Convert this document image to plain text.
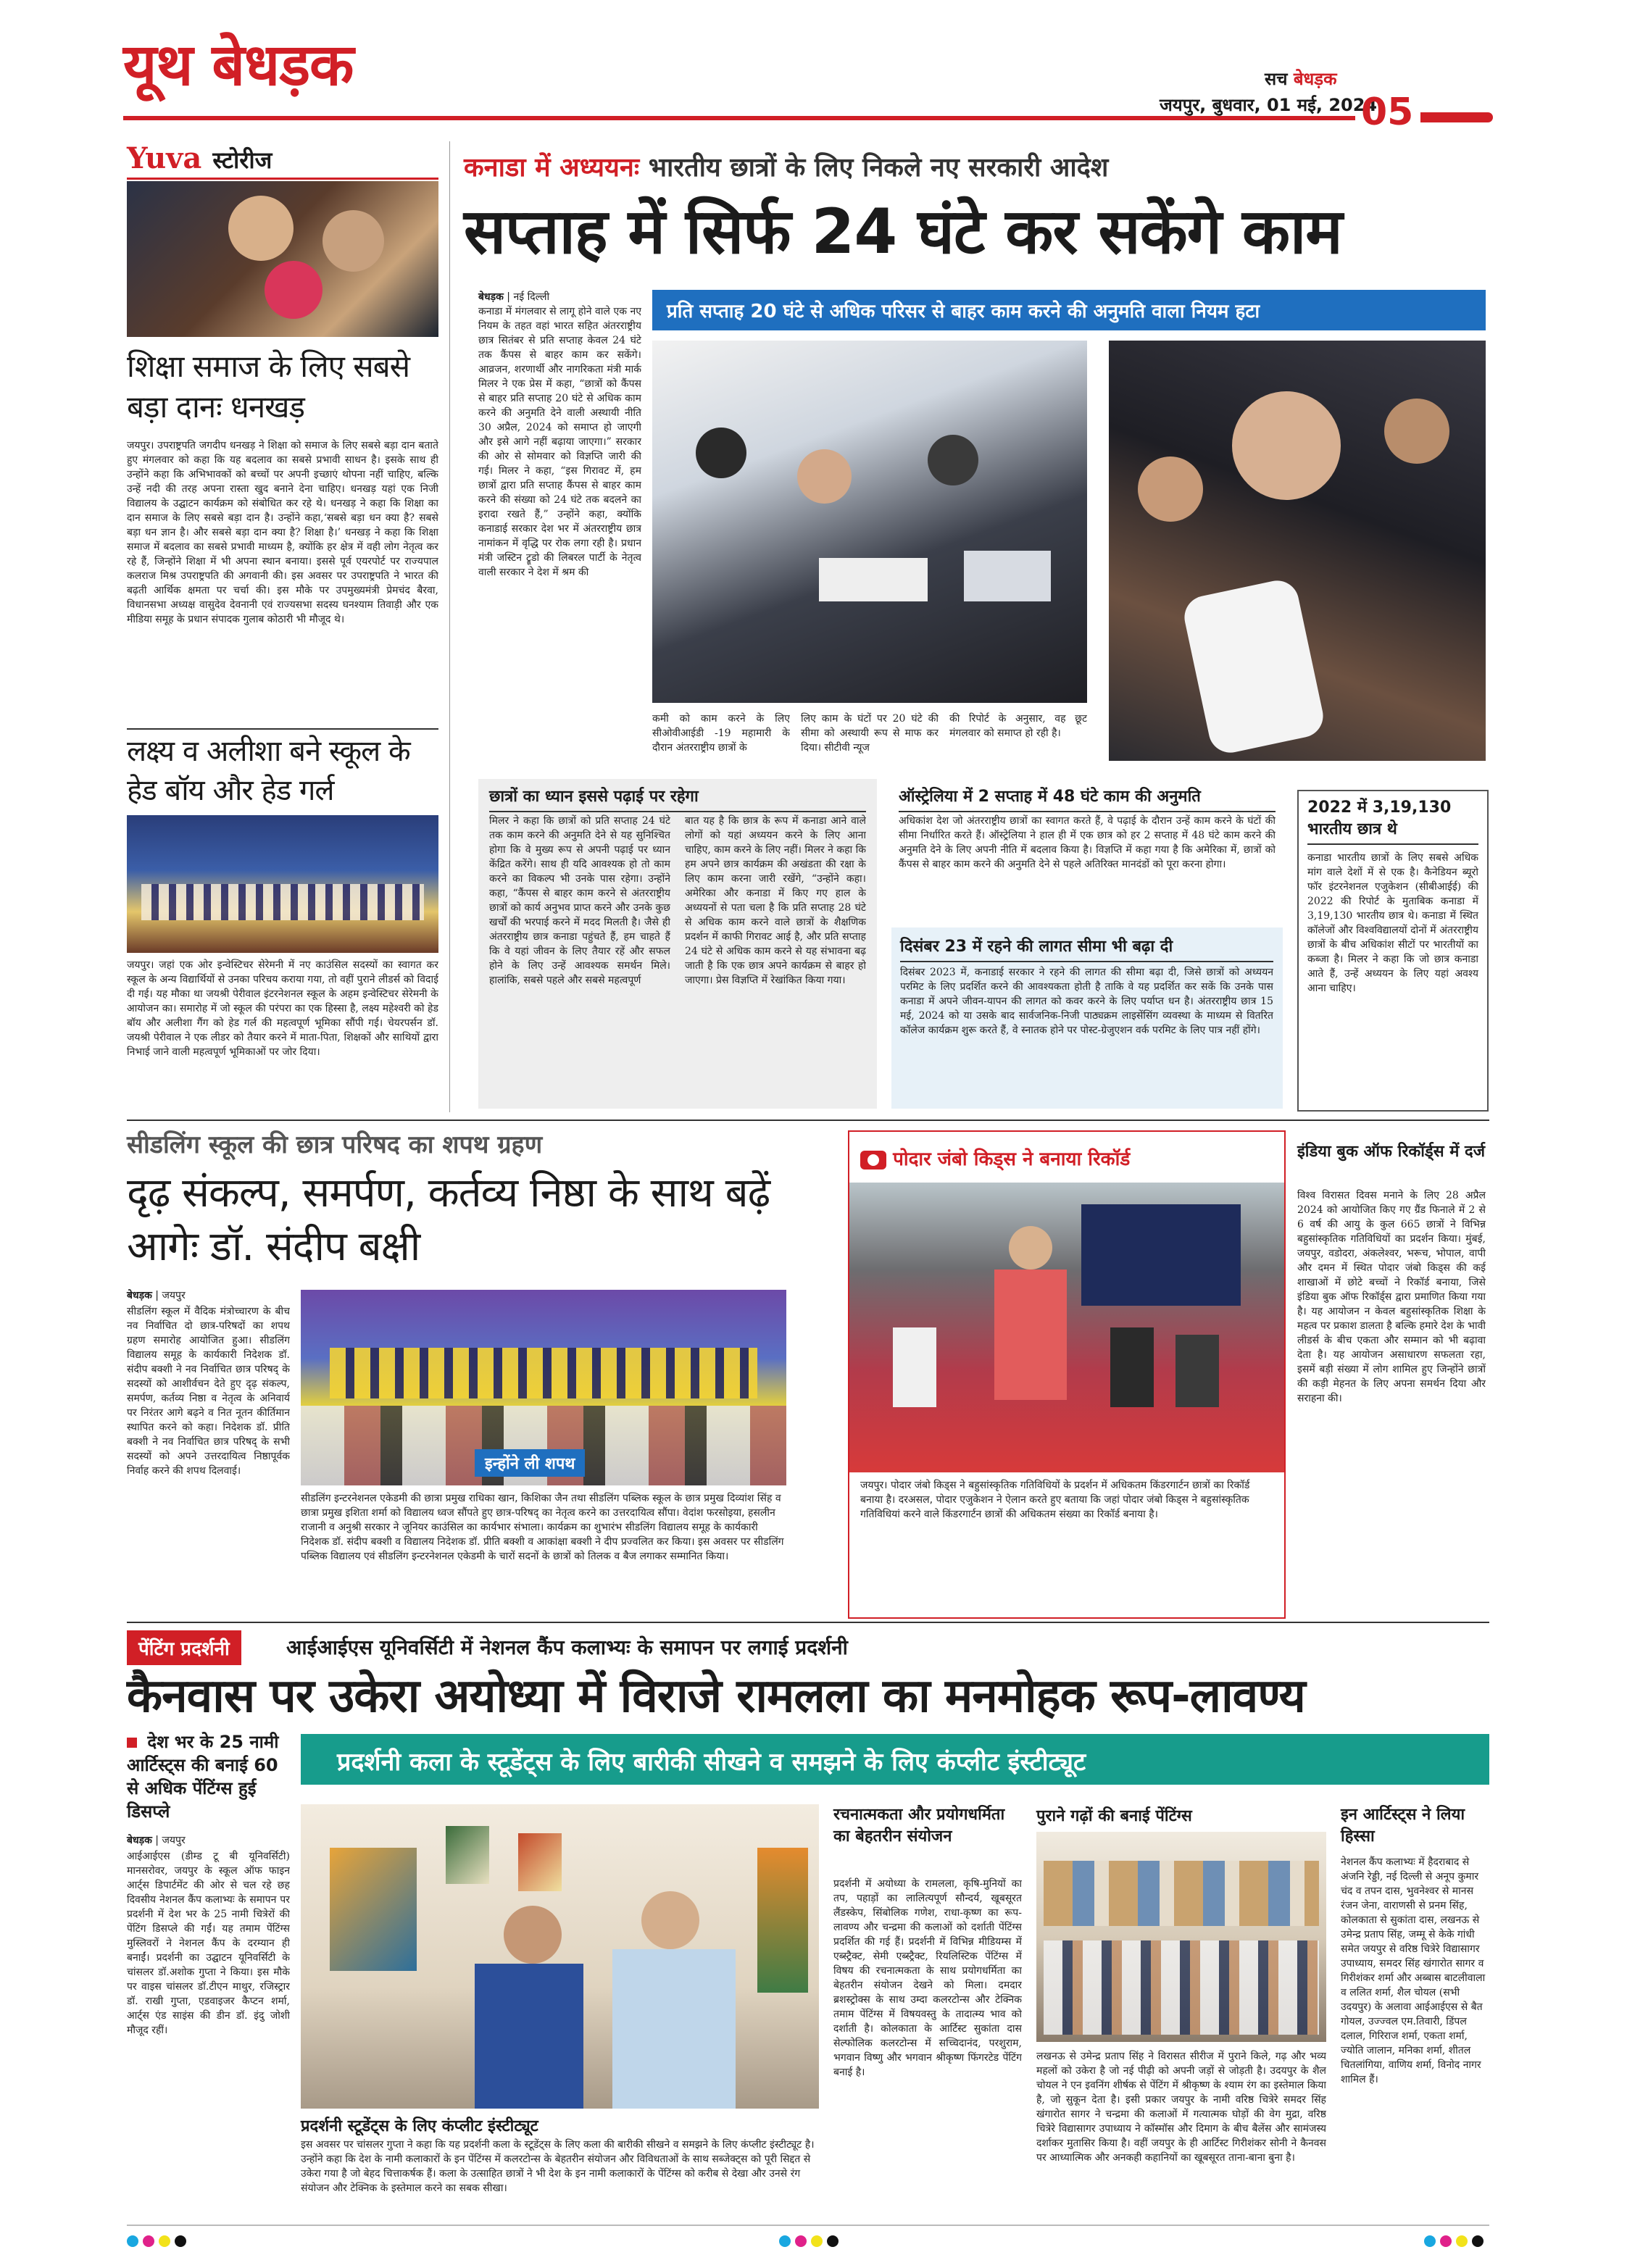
यूथ बेधड़क	सच बेधड़क
जयपुर, बुधवार, 01 मई, 2024
05
Yuva स्टोरीज
शिक्षा समाज के लिए सबसे बड़ा दानः धनखड़
जयपुर। उपराष्ट्रपति जगदीप धनखड़ ने शिक्षा को समाज के लिए सबसे बड़ा दान बताते हुए मंगलवार को कहा कि यह बदलाव का सबसे प्रभावी साधन है। इसके साथ ही उन्होंने कहा कि अभिभावकों को बच्चों पर अपनी इच्छाएं थोपना नहीं चाहिए, बल्कि उन्हें नदी की तरह अपना रास्ता खुद बनाने देना चाहिए। धनखड़ यहां एक निजी विद्यालय के उद्घाटन कार्यक्रम को संबोधित कर रहे थे। धनखड़ ने कहा कि शिक्षा का दान समाज के लिए सबसे बड़ा दान है। उन्होंने कहा,‘सबसे बड़ा धन क्या है? सबसे बड़ा धन ज्ञान है। और सबसे बड़ा दान क्या है? शिक्षा है।’ धनखड़ ने कहा कि शिक्षा समाज में बदलाव का सबसे प्रभावी माध्यम है, क्योंकि हर क्षेत्र में वही लोग नेतृत्व कर रहे हैं, जिन्होंने शिक्षा में भी अपना स्थान बनाया। इससे पूर्व एयरपोर्ट पर राज्यपाल कलराज मिश्र उपराष्ट्रपति की अगवानी की। इस अवसर पर उपराष्ट्रपति ने भारत की बढ़ती आर्थिक क्षमता पर चर्चा की। इस मौके पर उपमुख्यमंत्री प्रेमचंद बैरवा, विधानसभा अध्यक्ष वासुदेव देवनानी एवं राज्यसभा सदस्य घनश्याम तिवाड़ी और एक मीडिया समूह के प्रधान संपादक गुलाब कोठारी भी मौजूद थे।
लक्ष्य व अलीशा बने स्कूल के हेड बॉय और हेड गर्ल
जयपुर। जहां एक ओर इन्वेस्टिचर सेरेमनी में नए काउंसिल सदस्यों का स्वागत कर स्कूल के अन्य विद्यार्थियों से उनका परिचय कराया गया, तो वहीं पुराने लीडर्स को विदाई दी गई। यह मौका था जयश्री पेरीवाल इंटरनेशनल स्कूल के अहम इन्वेस्टिचर सेरेमनी के आयोजन का। समारोह में जो स्कूल की परंपरा का एक हिस्सा है, लक्ष्य महेश्वरी को हेड बॉय और अलीशा गैंग को हेड गर्ल की महत्वपूर्ण भूमिका सौंपी गई। चेयरपर्सन डॉ. जयश्री पेरीवाल ने एक लीडर को तैयार करने में माता-पिता, शिक्षकों और साथियों द्वारा निभाई जाने वाली महत्वपूर्ण भूमिकाओं पर जोर दिया।
कनाडा में अध्ययनः भारतीय छात्रों के लिए निकले नए सरकारी आदेश
सप्ताह में सिर्फ 24 घंटे कर सकेंगे काम
बेधड़क | नई दिल्ली
कनाडा में मंगलवार से लागू होने वाले एक नए नियम के तहत वहां भारत सहित अंतरराष्ट्रीय छात्र सितंबर से प्रति सप्ताह केवल 24 घंटे तक कैंपस से बाहर काम कर सकेंगे। आव्रजन, शरणार्थी और नागरिकता मंत्री मार्क मिलर ने एक प्रेस में कहा, “छात्रों को कैंपस से बाहर प्रति सप्ताह 20 घंटे से अधिक काम करने की अनुमति देने वाली अस्थायी नीति 30 अप्रैल, 2024 को समाप्त हो जाएगी और इसे आगे नहीं बढ़ाया जाएगा।” सरकार की ओर से सोमवार को विज्ञप्ति जारी की गई। मिलर ने कहा, “इस गिरावट में, हम छात्रों द्वारा प्रति सप्ताह कैंपस से बाहर काम करने की संख्या को 24 घंटे तक बदलने का इरादा रखते हैं,” उन्होंने कहा, क्योंकि कनाडाई सरकार देश भर में अंतरराष्ट्रीय छात्र नामांकन में वृद्धि पर रोक लगा रही है। प्रधान मंत्री जस्टिन ट्रूडो की लिबरल पार्टी के नेतृत्व वाली सरकार ने देश में श्रम की
प्रति सप्ताह 20 घंटे से अधिक परिसर से बाहर काम करने की अनुमति वाला नियम हटा
कमी को काम करने के लिए सीओवीआईडी -19 महामारी के दौरान अंतरराष्ट्रीय छात्रों के
लिए काम के घंटों पर 20 घंटे की सीमा को अस्थायी रूप से माफ कर दिया। सीटीवी न्यूज
की रिपोर्ट के अनुसार, वह छूट मंगलवार को समाप्त हो रही है।
छात्रों का ध्यान इससे पढ़ाई पर रहेगा
मिलर ने कहा कि छात्रों को प्रति सप्ताह 24 घंटे तक काम करने की अनुमति देने से यह सुनिश्चित होगा कि वे मुख्य रूप से अपनी पढ़ाई पर ध्यान केंद्रित करेंगे। साथ ही यदि आवश्यक हो तो काम करने का विकल्प भी उनके पास रहेगा। उन्होंने कहा, “कैंपस से बाहर काम करने से अंतरराष्ट्रीय छात्रों को कार्य अनुभव प्राप्त करने और उनके कुछ खर्चों की भरपाई करने में मदद मिलती है। जैसे ही अंतरराष्ट्रीय छात्र कनाडा पहुंचते हैं, हम चाहते हैं कि वे यहां जीवन के लिए तैयार रहें और सफल होने के लिए उन्हें आवश्यक समर्थन मिले। हालांकि, सबसे पहले और सबसे महत्वपूर्ण
बात यह है कि छात्र के रूप में कनाडा आने वाले लोगों को यहां अध्ययन करने के लिए आना चाहिए, काम करने के लिए नहीं। मिलर ने कहा कि हम अपने छात्र कार्यक्रम की अखंडता की रक्षा के लिए काम करना जारी रखेंगे, “उन्होंने कहा। अमेरिका और कनाडा में किए गए हाल के अध्ययनों से पता चला है कि प्रति सप्ताह 28 घंटे से अधिक काम करने वाले छात्रों के शैक्षणिक प्रदर्शन में काफी गिरावट आई है, और प्रति सप्ताह 24 घंटे से अधिक काम करने से यह संभावना बढ़ जाती है कि एक छात्र अपने कार्यक्रम से बाहर हो जाएगा। प्रेस विज्ञप्ति में रेखांकित किया गया।
ऑस्ट्रेलिया में 2 सप्ताह में 48 घंटे काम की अनुमति
अधिकांश देश जो अंतरराष्ट्रीय छात्रों का स्वागत करते हैं, वे पढ़ाई के दौरान उन्हें काम करने के घंटों की सीमा निर्धारित करते हैं। ऑस्ट्रेलिया ने हाल ही में एक छात्र को हर 2 सप्ताह में 48 घंटे काम करने की अनुमति देने के लिए अपनी नीति में बदलाव किया है। विज्ञप्ति में कहा गया है कि अमेरिका में, छात्रों को कैंपस से बाहर काम करने की अनुमति देने से पहले अतिरिक्त मानदंडों को पूरा करना होगा।
दिसंबर 23 में रहने की लागत सीमा भी बढ़ा दी
दिसंबर 2023 में, कनाडाई सरकार ने रहने की लागत की सीमा बढ़ा दी, जिसे छात्रों को अध्ययन परमिट के लिए प्रदर्शित करने की आवश्यकता होती है ताकि वे यह प्रदर्शित कर सकें कि उनके पास कनाडा में अपने जीवन-यापन की लागत को कवर करने के लिए पर्याप्त धन है। अंतरराष्ट्रीय छात्र 15 मई, 2024 को या उसके बाद सार्वजनिक-निजी पाठ्यक्रम लाइसेंसिंग व्यवस्था के माध्यम से वितरित कॉलेज कार्यक्रम शुरू करते हैं, वे स्नातक होने पर पोस्ट-ग्रेजुएशन वर्क परमिट के लिए पात्र नहीं होंगे।
2022 में 3,19,130 भारतीय छात्र थे
कनाडा भारतीय छात्रों के लिए सबसे अधिक मांग वाले देशों में से एक है। कैनेडियन ब्यूरो फॉर इंटरनेशनल एजुकेशन (सीबीआईई) की 2022 की रिपोर्ट के मुताबिक कनाडा में 3,19,130 भारतीय छात्र थे। कनाडा में स्थित कॉलेजों और विश्वविद्यालयों दोनों में अंतरराष्ट्रीय छात्रों के बीच अधिकांश सीटों पर भारतीयों का कब्जा है। मिलर ने कहा कि जो छात्र कनाडा आते हैं, उन्हें अध्ययन के लिए यहां अवश्य आना चाहिए।
सीडलिंग स्कूल की छात्र परिषद का शपथ ग्रहण
दृढ़ संकल्प, समर्पण, कर्तव्य निष्ठा के साथ बढ़ें आगेः डॉ. संदीप बक्षी
बेधड़क | जयपुर
सीडलिंग स्कूल में वैदिक मंत्रोच्चारण के बीच नव निर्वाचित दो छात्र-परिषदों का शपथ ग्रहण समारोह आयोजित हुआ। सीडलिंग विद्यालय समूह के कार्यकारी निदेशक डॉ. संदीप बक्शी ने नव निर्वाचित छात्र परिषद् के सदस्यों को आशीर्वचन देते हुए दृढ़ संकल्प, समर्पण, कर्तव्य निष्ठा व नेतृत्व के अनिवार्य पर निरंतर आगे बढ़ने व नित नूतन कीर्तिमान स्थापित करने को कहा। निदेशक डॉ. प्रीति बक्शी ने नव निर्वाचित छात्र परिषद् के सभी सदस्यों को अपने उत्तरदायित्व निष्ठापूर्वक निर्वाह करने की शपथ दिलवाई।	इन्होंने ली शपथ
सीडलिंग इन्टरनेशनल एकेडमी की छात्रा प्रमुख राधिका खान, किशिका जैन तथा सीडलिंग पब्लिक स्कूल के छात्र प्रमुख दिव्यांश सिंह व छात्रा प्रमुख इशिता शर्मा को विद्यालय ध्वज सौंपते हुए छात्र-परिषद् का नेतृत्व करने का उत्तरदायित्व सौंपा। वेदांश फरसोइया, हसलीन राजानी व अनुश्री सरकार ने जूनियर काउंसिल का कार्यभार संभाला। कार्यक्रम का शुभारंभ सीडलिंग विद्यालय समूह के कार्यकारी निदेशक डॉ. संदीप बक्शी व विद्यालय निदेशक डॉ. प्रीति बक्शी व आकांक्षा बक्शी ने दीप प्रज्वलित कर किया। इस अवसर पर सीडलिंग पब्लिक विद्यालय एवं सीडलिंग इन्टरनेशनल एकेडमी के चारों सदनों के छात्रों को तिलक व बैज लगाकर सम्मानित किया।
पोदार जंबो किड्स ने बनाया रिकॉर्ड
जयपुर। पोदार जंबो किड्स ने बहुसांस्कृतिक गतिविधियों के प्रदर्शन में अधिकतम किंडरगार्टन छात्रों का रिकॉर्ड बनाया है। दरअसल, पोदार एजुकेशन ने ऐलान करते हुए बताया कि जहां पोदार जंबो किड्स ने बहुसांस्कृतिक गतिविधियां करने वाले किंडरगार्टन छात्रों की अधिकतम संख्या का रिकॉर्ड बनाया है।
इंडिया बुक ऑफ रिकॉर्ड्स में दर्ज
विश्व विरासत दिवस मनाने के लिए 28 अप्रैल 2024 को आयोजित किए गए ग्रैंड फिनाले में 2 से 6 वर्ष की आयु के कुल 665 छात्रों ने विभिन्न बहुसांस्कृतिक गतिविधियों का प्रदर्शन किया। मुंबई, जयपुर, वडोदरा, अंकलेश्वर, भरूच, भोपाल, वापी और दमन में स्थित पोदार जंबो किड्स की कई शाखाओं में छोटे बच्चों ने रिकॉर्ड बनाया, जिसे इंडिया बुक ऑफ रिकॉर्ड्स द्वारा प्रमाणित किया गया है। यह आयोजन न केवल बहुसांस्कृतिक शिक्षा के महत्व पर प्रकाश डालता है बल्कि हमारे देश के भावी लीडर्स के बीच एकता और सम्मान को भी बढ़ावा देता है। यह आयोजन असाधारण सफलता रहा, इसमें बड़ी संख्या में लोग शामिल हुए जिन्होंने छात्रों की कड़ी मेहनत के लिए अपना समर्थन दिया और सराहना की।
पेंटिंग प्रदर्शनी	आईआईएस यूनिवर्सिटी में नेशनल कैंप कलाभ्यः के समापन पर लगाई प्रदर्शनी
कैनवास पर उकेरा अयोध्या में विराजे रामलला का मनमोहक रूप-लावण्य
प्रदर्शनी कला के स्टूडेंट्स के लिए बारीकी सीखने व समझने के लिए कंप्लीट इंस्टीट्यूट
देश भर के 25 नामी आर्टिस्ट्स की बनाई 60 से अधिक पेंटिंग्स हुई डिसप्ले
बेधड़क | जयपुर
आईआईएस (डीम्ड टू बी यूनिवर्सिटी) मानसरोवर, जयपुर के स्कूल ऑफ फाइन आर्ट्स डिपार्टमेंट की ओर से चल रहे छह दिवसीय नेशनल कैंप कलाभ्यः के समापन पर प्रदर्शनी में देश भर के 25 नामी चित्रेरों की पेंटिंग डिसप्ले की गईं। यह तमाम पेंटिंग्स मुस्लिवरों ने नेशनल कैंप के दरम्यान ही बनाईं। प्रदर्शनी का उद्घाटन यूनिवर्सिटी के चांसलर डॉ.अशोक गुप्ता ने किया। इस मौके पर वाइस चांसलर डॉ.टीएन माथुर, रजिस्ट्रार डॉ. राखी गुप्ता, एडवाइजर कैप्टन शर्मा, आर्ट्स एंड साइंस की डीन डॉ. इंदु जोशी मौजूद रहीं।
प्रदर्शनी स्टूडेंट्स के लिए कंप्लीट इंस्टीट्यूट
इस अवसर पर चांसलर गुप्ता ने कहा कि यह प्रदर्शनी कला के स्टूडेंट्स के लिए कला की बारीकी सीखने व समझने के लिए कंप्लीट इंस्टीट्यूट है। उन्होंने कहा कि देश के नामी कलाकारों के इन पेंटिंग्स में कलरटोन्स के बेहतरीन संयोजन और विविधताओं के साथ सब्जेक्ट्स को पूरी सिद्दत से उकेरा गया है जो बेहद चित्ताकर्षक हैं। कला के उत्साहित छात्रों ने भी देश के इन नामी कलाकारों के पेंटिंग्स को करीब से देखा और उनसे रंग संयोजन और टेक्निक के इस्तेमाल करने का सबक सीखा।
रचनात्मकता और प्रयोगधर्मिता का बेहतरीन संयोजन
प्रदर्शनी में अयोध्या के रामलला, कृषि-मुनियों का तप, पहाड़ों का लालित्यपूर्ण सौन्दर्य, खूबसूरत लैंडस्केप, सिंबोलिक गणेश, राधा-कृष्ण का रूप-लावण्य और चन्द्रमा की कलाओं को दर्शाती पेंटिंग्स प्रदर्शित की गई हैं। प्रदर्शनी में विभिन्न मीडियम्स में एब्स्ट्रैक्ट, सेमी एब्स्ट्रैक्ट, रियलिस्टिक पेंटिंग्स में विषय की रचनात्मकता के साथ प्रयोगधर्मिता का बेहतरीन संयोजन देखने को मिला। दमदार ब्रशस्ट्रोक्स के साथ उम्दा कलरटोन्स और टेक्निक तमाम पेंटिंग्स में विषयवस्तु के तादात्म्य भाव को दर्शाती है। कोलकाता के आर्टिस्ट सुकांता दास सेल्फोलिक कलरटोन्स में सच्चिदानंद, परशुराम, भगवान विष्णु और भगवान श्रीकृष्ण फिंगरटेड पेंटिंग बनाई है।
पुराने गढ़ों की बनाई पेंटिंग्स
लखनऊ से उमेन्द्र प्रताप सिंह ने विरासत सीरीज में पुराने किले, गढ़ और भव्य महलों को उकेरा है जो नई पीढ़ी को अपनी जड़ों से जोड़ती है। उदयपुर के शैल चोयल ने एन इवनिंग शीर्षक से पेंटिंग में श्रीकृष्ण के श्याम रंग का इस्तेमाल किया है, जो सुकून देता है। इसी प्रकार जयपुर के नामी वरिष्ठ चित्रेरे समदर सिंह खंगारोत सागर ने चन्द्रमा की कलाओं में गत्यात्मक घोड़ों की वेग मुद्रा, वरिष्ठ चित्रेरे विद्यासागर उपाध्याय ने कॉस्मॉस और दिमाग के बीच बैलेंस और सामंजस्य दर्शाकर मुतासिर किया है। वहीं जयपुर के ही आर्टिस्ट गिरीशंकर सोनी ने कैनवस पर आध्यात्मिक और अनकही कहानियों का खूबसूरत ताना-बाना बुना है।
इन आर्टिस्ट्स ने लिया हिस्सा
नेशनल कैंप कलाभ्यः में हैदराबाद से अंजनि रेड्डी, नई दिल्ली से अनूप कुमार चंद व तपन दास, भुवनेश्वर से मानस रंजन जेना, वाराणसी से प्रनम सिंह, कोलकाता से सुकांता दास, लखनऊ से उमेन्द्र प्रताप सिंह, जम्मू से केके गांधी समेत जयपुर से वरिष्ठ चित्रेरे विद्यासागर उपाध्याय, समदर सिंह खंगारोत सागर व गिरीशंकर शर्मा और अब्बास बाटलीवाला व ललित शर्मा, शैल चोयल (सभी उदयपुर) के अलावा आईआईएस से बैत गोयल, उज्ज्वल एम.तिवारी, डिंपल दलाल, गिरिराज शर्मा, एकता शर्मा, ज्योति जालान, मनिका शर्मा, शीतल चितलांगिया, वाणिय शर्मा, विनोद नागर शामिल हैं।
